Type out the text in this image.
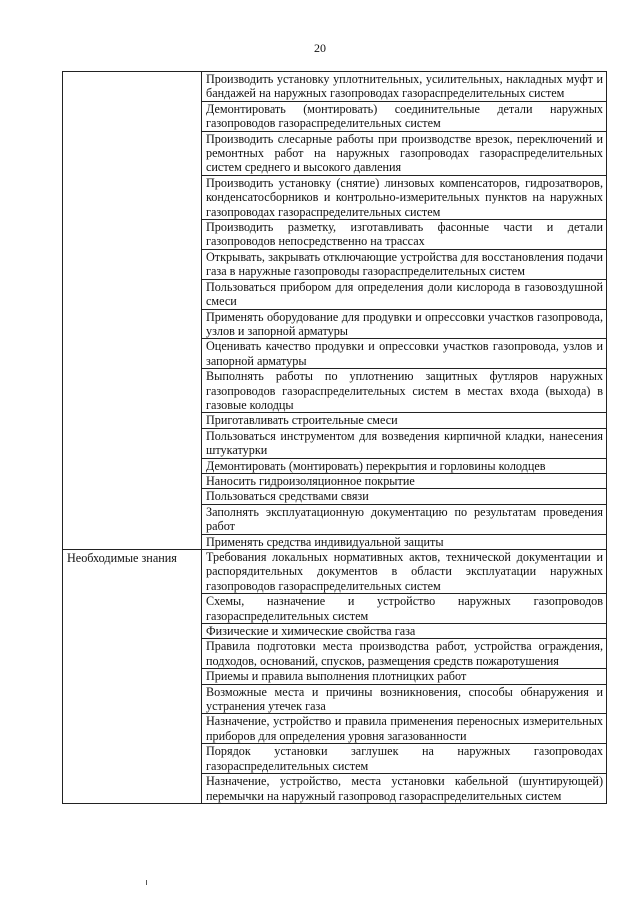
20
	Производить установку уплотнительных, усилительных, накладных муфт и бандажей на наружных газопроводах газораспределительных систем
	Демонтировать (монтировать) соединительные детали наружных газопроводов газораспределительных систем
	Производить слесарные работы при производстве врезок, переключений и ремонтных работ на наружных газопроводах газораспределительных систем среднего и высокого давления
	Производить установку (снятие) линзовых компенсаторов, гидрозатворов, конденсатосборников и контрольно-измерительных пунктов на наружных газопроводах газораспределительных систем
	Производить разметку, изготавливать фасонные части и детали газопроводов непосредственно на трассах
	Открывать, закрывать отключающие устройства для восстановления подачи газа в наружные газопроводы газораспределительных систем
	Пользоваться прибором для определения доли кислорода в газовоздушной смеси
	Применять оборудование для продувки и опрессовки участков газопровода, узлов и запорной арматуры
	Оценивать качество продувки и опрессовки участков газопровода, узлов и запорной арматуры
	Выполнять работы по уплотнению защитных футляров наружных газопроводов газораспределительных систем в местах входа (выхода) в газовые колодцы
	Приготавливать строительные смеси
	Пользоваться инструментом для возведения кирпичной кладки, нанесения штукатурки
	Демонтировать (монтировать) перекрытия и горловины колодцев
	Наносить гидроизоляционное покрытие
	Пользоваться средствами связи
	Заполнять эксплуатационную документацию по результатам проведения работ
	Применять средства индивидуальной защиты
Необходимые знания	Требования локальных нормативных актов, технической документации и распорядительных документов в области эксплуатации наружных газопроводов газораспределительных систем
	Схемы, назначение и устройство наружных газопроводов газораспределительных систем
	Физические и химические свойства газа
	Правила подготовки места производства работ, устройства ограждения, подходов, оснований, спусков, размещения средств пожаротушения
	Приемы и правила выполнения плотницких работ
	Возможные места и причины возникновения, способы обнаружения и устранения утечек газа
	Назначение, устройство и правила применения переносных измерительных приборов для определения уровня загазованности
	Порядок установки заглушек на наружных газопроводах газораспределительных систем
	Назначение, устройство, места установки кабельной (шунтирующей) перемычки на наружный газопровод газораспределительных систем
